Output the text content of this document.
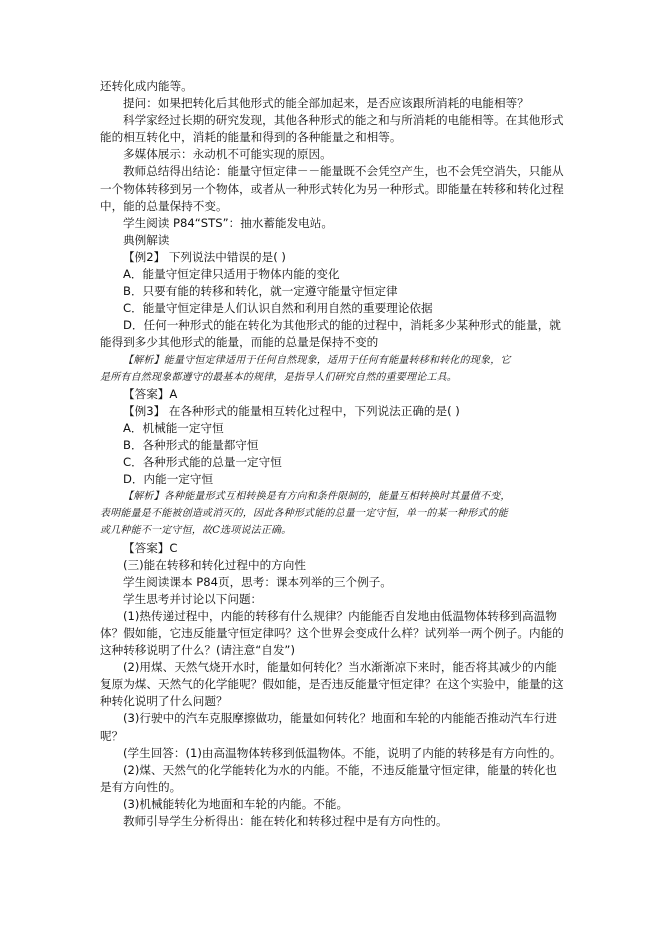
还转化成内能等。
提问：如果把转化后其他形式的能全部加起来，是否应该跟所消耗的电能相等？
科学家经过长期的研究发现，其他各种形式的能之和与所消耗的电能相等。在其他形式
能的相互转化中，消耗的能量和得到的各种能量之和相等。
多媒体展示：永动机不可能实现的原因。
教师总结得出结论：能量守恒定律－－能量既不会凭空产生，也不会凭空消失，只能从
一个物体转移到另一个物体，或者从一种形式转化为另一种形式。即能量在转移和转化过程
中，能的总量保持不变。
学生阅读 P84“STS”：抽水蓄能发电站。
典例解读
【例2】 下列说法中错误的是( )
A．能量守恒定律只适用于物体内能的变化
B．只要有能的转移和转化，就一定遵守能量守恒定律
C．能量守恒定律是人们认识自然和利用自然的重要理论依据
D．任何一种形式的能在转化为其他形式的能的过程中，消耗多少某种形式的能量，就
能得到多少其他形式的能量，而能的总量是保持不变的
【解析】能量守恒定律适用于任何自然现象，适用于任何有能量转移和转化的现象，它
是所有自然现象都遵守的最基本的规律，是指导人们研究自然的重要理论工具。
【答案】A
【例3】 在各种形式的能量相互转化过程中，下列说法正确的是( )
A．机械能一定守恒
B．各种形式的能量都守恒
C．各种形式能的总量一定守恒
D．内能一定守恒
【解析】各种能量形式互相转换是有方向和条件限制的，能量互相转换时其量值不变，
表明能量是不能被创造或消灭的，因此各种形式能的总量一定守恒，单一的某一种形式的能
或几种能不一定守恒，故C选项说法正确。
【答案】C
(三)能在转移和转化过程中的方向性
学生阅读课本 P84页，思考：课本列举的三个例子。
学生思考并讨论以下问题：
(1)热传递过程中，内能的转移有什么规律？内能能否自发地由低温物体转移到高温物
体？假如能，它违反能量守恒定律吗？这个世界会变成什么样？试列举一两个例子。内能的
这种转移说明了什么？(请注意“自发”)
(2)用煤、天然气烧开水时，能量如何转化？当水渐渐凉下来时，能否将其减少的内能
复原为煤、天然气的化学能呢？假如能，是否违反能量守恒定律？在这个实验中，能量的这
种转化说明了什么问题？
(3)行驶中的汽车克服摩擦做功，能量如何转化？地面和车轮的内能能否推动汽车行进
呢？
(学生回答：(1)由高温物体转移到低温物体。不能，说明了内能的转移是有方向性的。
(2)煤、天然气的化学能转化为水的内能。不能，不违反能量守恒定律，能量的转化也
是有方向性的。
(3)机械能转化为地面和车轮的内能。不能。
教师引导学生分析得出：能在转化和转移过程中是有方向性的。
